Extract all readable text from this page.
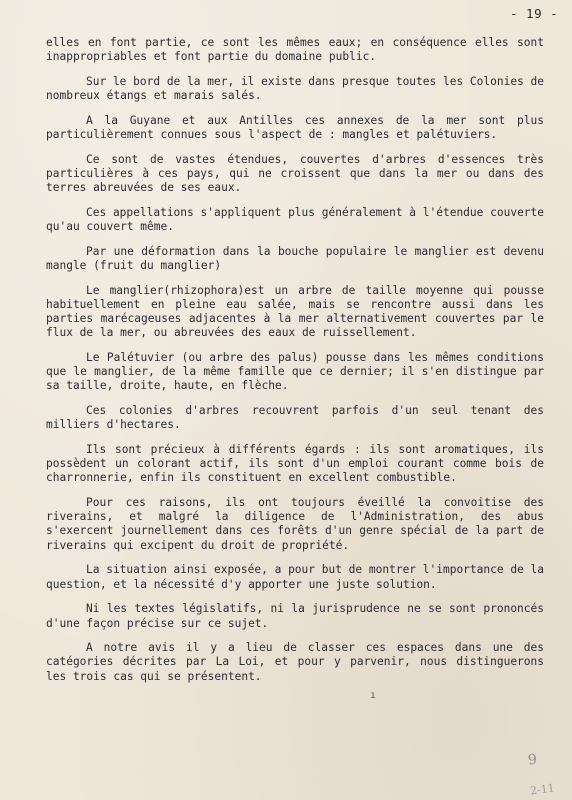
- 19 -

elles en font partie, ce sont les mêmes eaux; en conséquence elles sont inappropriables et font partie du domaine public.

Sur le bord de la mer, il existe dans presque toutes les Colonies de nombreux étangs et marais salés.

A la Guyane et aux Antilles ces annexes de la mer sont plus particulièrement connues sous l'aspect de : mangles et palétuviers.

Ce sont de vastes étendues, couvertes d'arbres d'essences très particulières à ces pays, qui ne croissent que dans la mer ou dans des terres abreuvées de ses eaux.

Ces appellations s'appliquent plus généralement à l'étendue couverte qu'au couvert même.

Par une déformation dans la bouche populaire le manglier est devenu mangle (fruit du manglier)

Le manglier(rhizophora)est un arbre de taille moyenne qui pousse habituellement en pleine eau salée, mais se rencontre aussi dans les parties marécageuses adjacentes à la mer alternativement couvertes par le flux de la mer, ou abreuvées des eaux de ruissellement.

Le Palétuvier (ou arbre des palus) pousse dans les mêmes conditions que le manglier, de la même famille que ce dernier; il s'en distingue par sa taille, droite, haute, en flèche.

Ces colonies d'arbres recouvrent parfois d'un seul tenant des milliers d'hectares.

Ils sont précieux à différents égards : ils sont aromatiques, ils possèdent un colorant actif, ils sont d'un emploi courant comme bois de charronnerie, enfin ils constituent en excellent combustible.

Pour ces raisons, ils ont toujours éveillé la convoitise des riverains, et malgré la diligence de l'Administration, des abus s'exercent journellement dans ces forêts d'un genre spécial de la part de riverains qui excipent du droit de propriété.

La situation ainsi exposée, a pour but de montrer l'importance de la question, et la nécessité d'y apporter une juste solution.

Ni les textes législatifs, ni la jurisprudence ne se sont prononcés d'une façon précise sur ce sujet.

A notre avis il y a lieu de classer ces espaces dans une des catégories décrites par La Loi, et pour y parvenir, nous distinguerons les trois cas qui se présentent.

ı
9
2-11
